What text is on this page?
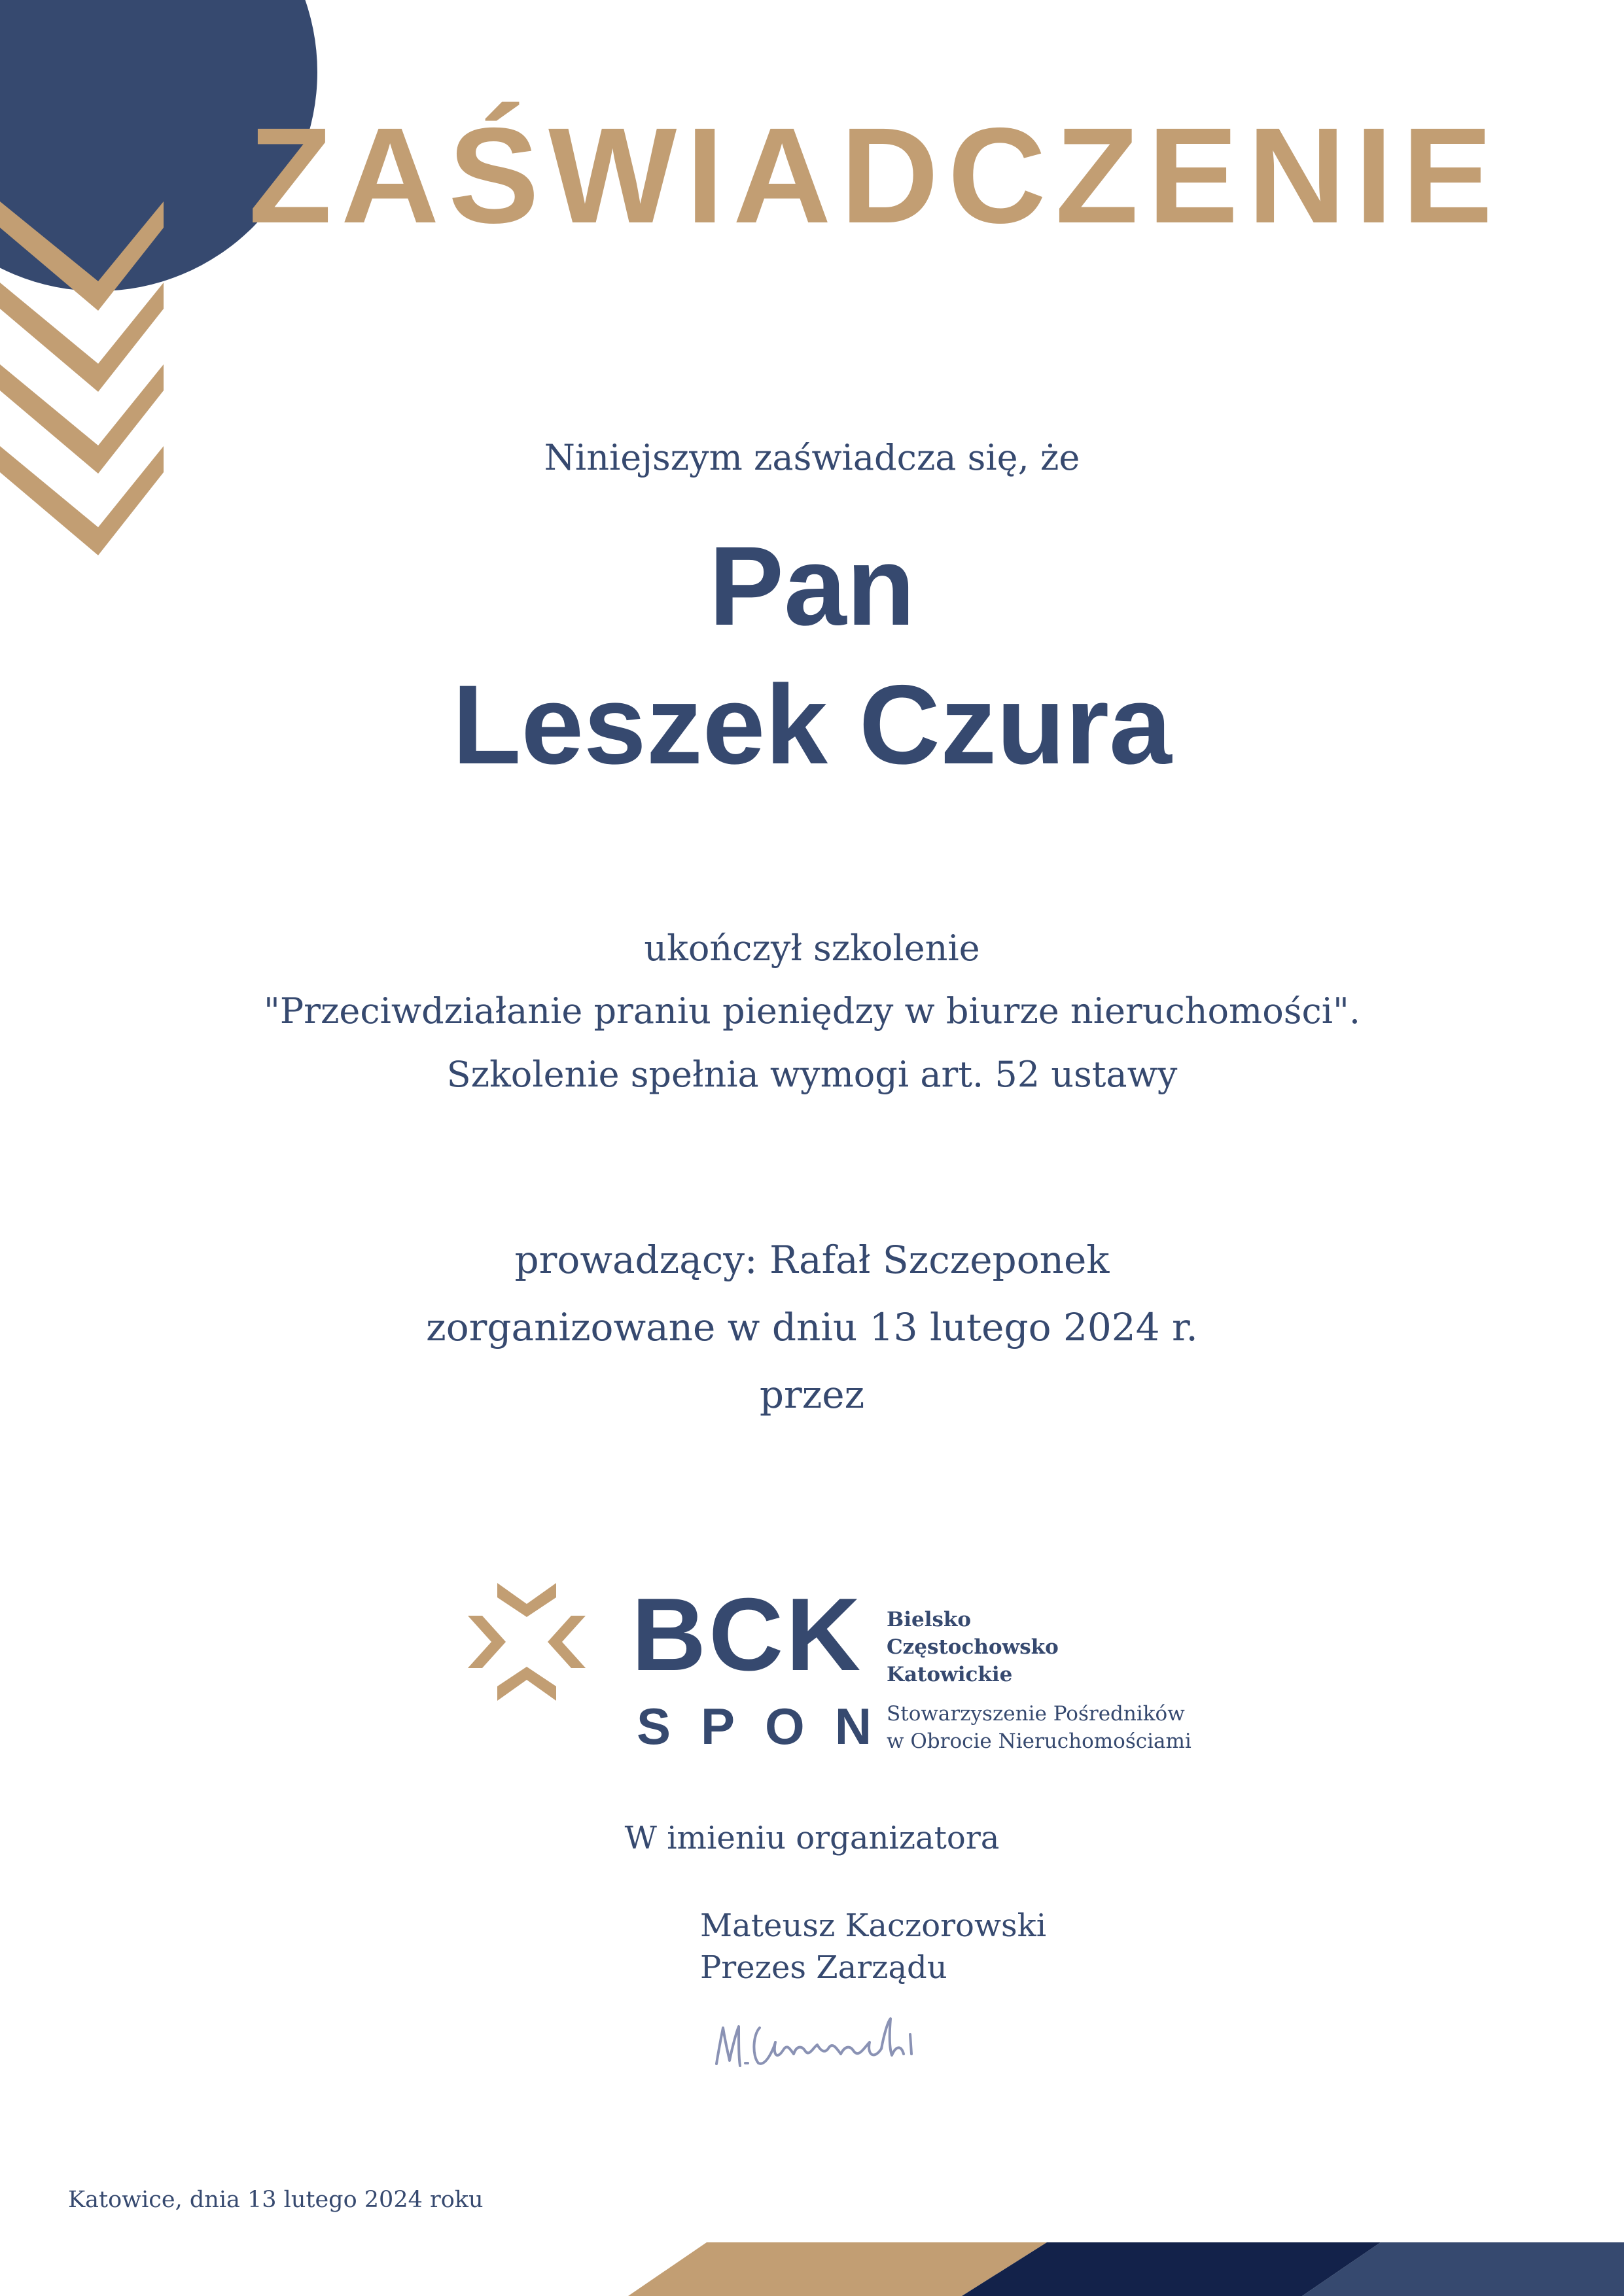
ZAŚWIADCZENIE

Niniejszym zaświadcza się, że

Pan

Leszek Czura

ukończył szkolenie

"Przeciwdziałanie praniu pieniędzy w biurze nieruchomości".

Szkolenie spełnia wymogi art. 52 ustawy

prowadzący: Rafał Szczeponek

zorganizowane w dniu 13 lutego 2024 r.

przez

BCK
SPON
Bielsko
Częstochowsko
Katowickie
Stowarzyszenie Pośredników
w Obrocie Nieruchomościami

W imieniu organizatora

Mateusz Kaczorowski
Prezes Zarządu
Katowice, dnia 13 lutego 2024 roku
